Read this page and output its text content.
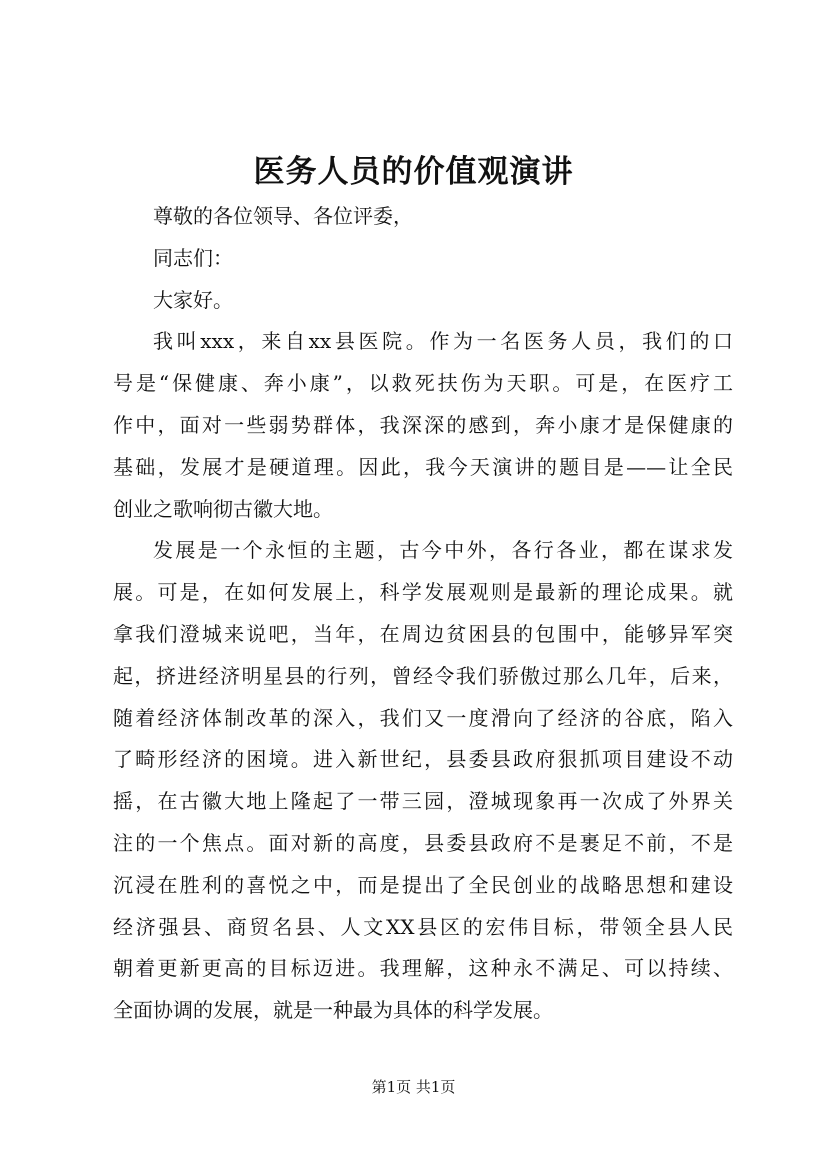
医务人员的价值观演讲
尊敬的各位领导、各位评委，
同志们：
大家好。
我叫xxx，来自xx县医院。作为一名医务人员，我们的口
号是“保健康、奔小康”，以救死扶伤为天职。可是，在医疗工
作中，面对一些弱势群体，我深深的感到，奔小康才是保健康的
基础，发展才是硬道理。因此，我今天演讲的题目是——让全民
创业之歌响彻古徽大地。
发展是一个永恒的主题，古今中外，各行各业，都在谋求发
展。可是，在如何发展上，科学发展观则是最新的理论成果。就
拿我们澄城来说吧，当年，在周边贫困县的包围中，能够异军突
起，挤进经济明星县的行列，曾经令我们骄傲过那么几年，后来，
随着经济体制改革的深入，我们又一度滑向了经济的谷底，陷入
了畸形经济的困境。进入新世纪，县委县政府狠抓项目建设不动
摇，在古徽大地上隆起了一带三园，澄城现象再一次成了外界关
注的一个焦点。面对新的高度，县委县政府不是裹足不前，不是
沉浸在胜利的喜悦之中，而是提出了全民创业的战略思想和建设
经济强县、商贸名县、人文XX县区的宏伟目标，带领全县人民
朝着更新更高的目标迈进。我理解，这种永不满足、可以持续、
全面协调的发展，就是一种最为具体的科学发展。
第1页 共1页
